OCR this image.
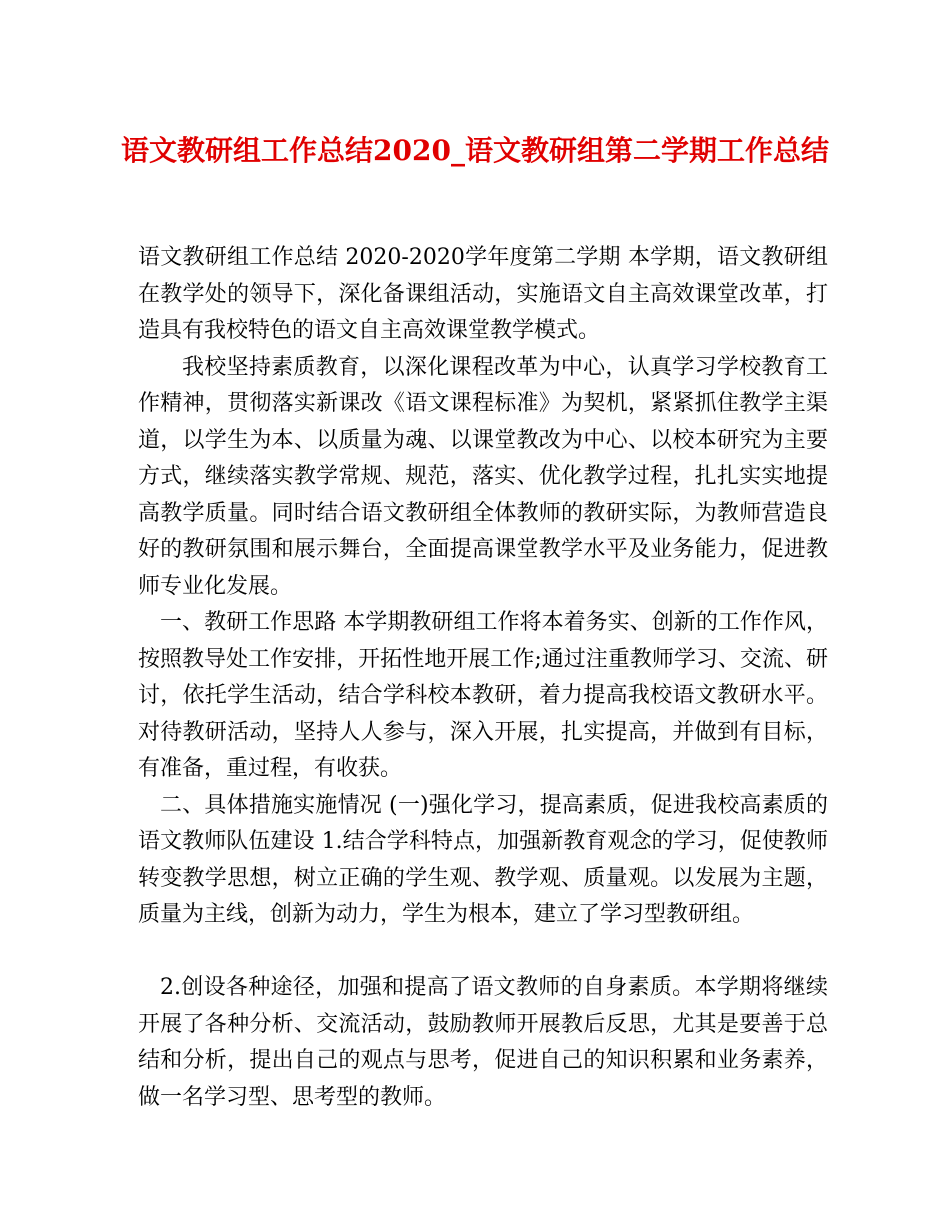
语文教研组工作总结2020_语文教研组第二学期工作总结

语文教研组工作总结 2020-2020学年度第二学期 本学期，语文教研组在教学处的领导下，深化备课组活动，实施语文自主高效课堂改革，打造具有我校特色的语文自主高效课堂教学模式。

我校坚持素质教育，以深化课程改革为中心，认真学习学校教育工作精神，贯彻落实新课改《语文课程标准》为契机，紧紧抓住教学主渠道，以学生为本、以质量为魂、以课堂教改为中心、以校本研究为主要方式，继续落实教学常规、规范，落实、优化教学过程，扎扎实实地提高教学质量。同时结合语文教研组全体教师的教研实际，为教师营造良好的教研氛围和展示舞台，全面提高课堂教学水平及业务能力，促进教师专业化发展。

一、教研工作思路 本学期教研组工作将本着务实、创新的工作作风，按照教导处工作安排，开拓性地开展工作;通过注重教师学习、交流、研讨，依托学生活动，结合学科校本教研，着力提高我校语文教研水平。对待教研活动，坚持人人参与，深入开展，扎实提高，并做到有目标，有准备，重过程，有收获。

二、具体措施实施情况 (一)强化学习，提高素质，促进我校高素质的语文教师队伍建设 1.结合学科特点，加强新教育观念的学习，促使教师转变教学思想，树立正确的学生观、教学观、质量观。以发展为主题，质量为主线，创新为动力，学生为根本，建立了学习型教研组。

2.创设各种途径，加强和提高了语文教师的自身素质。本学期将继续开展了各种分析、交流活动，鼓励教师开展教后反思，尤其是要善于总结和分析，提出自己的观点与思考，促进自己的知识积累和业务素养，做一名学习型、思考型的教师。
